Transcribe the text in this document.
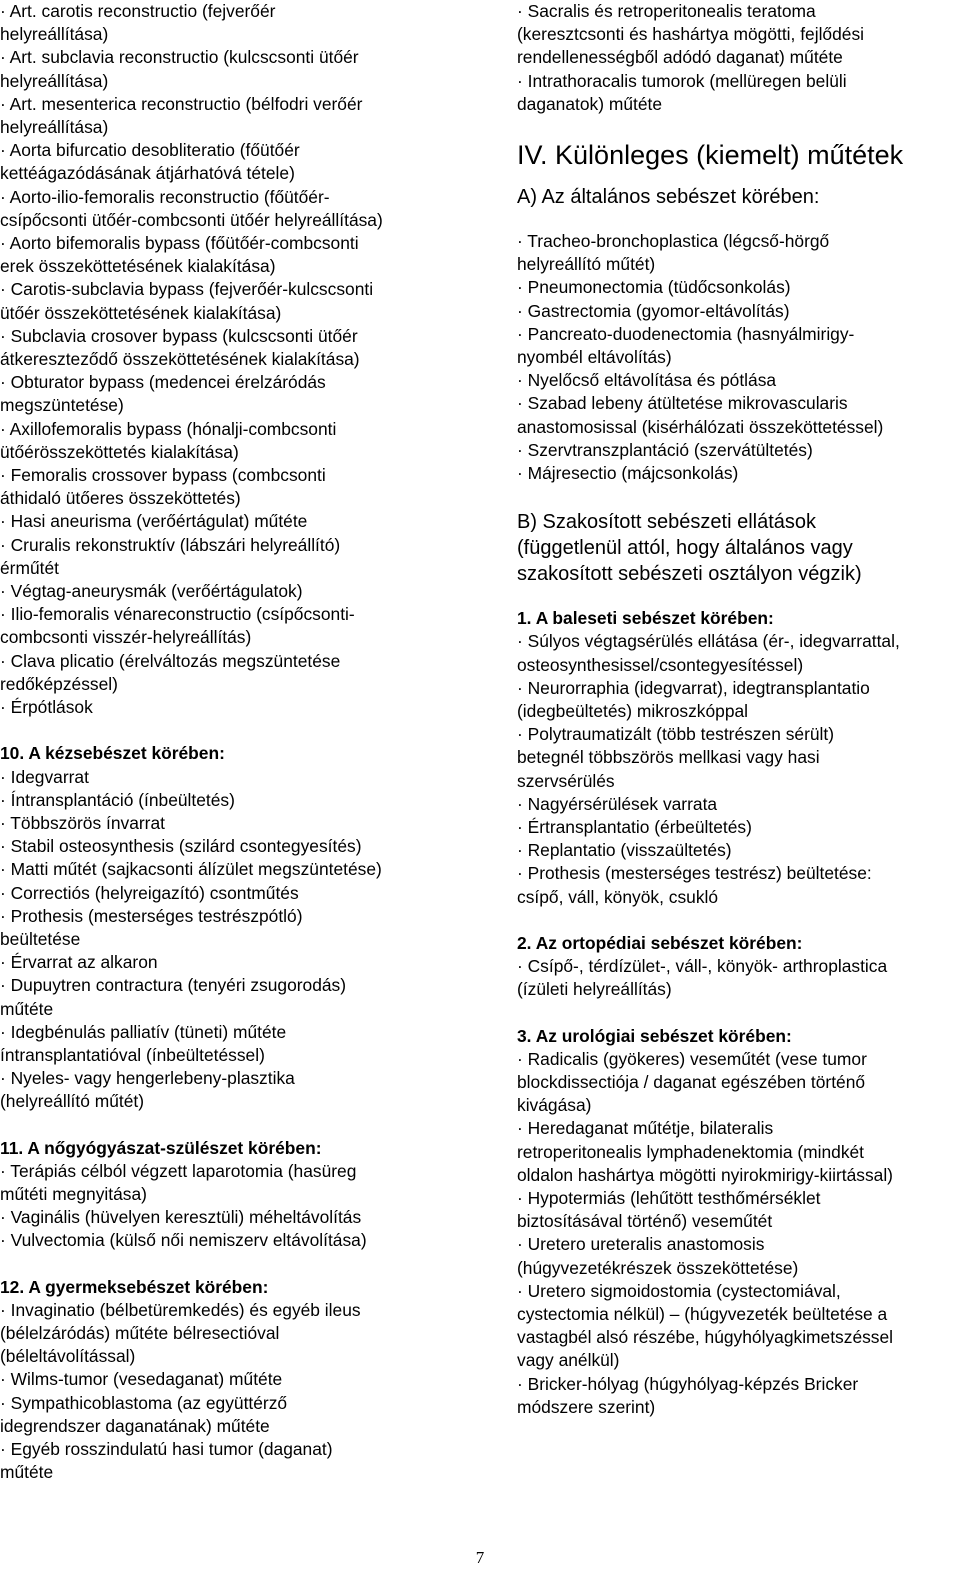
· Art. carotis reconstructio (fejverőér

helyreállítása)

· Art. subclavia reconstructio (kulcscsonti ütőér

helyreállítása)

· Art. mesenterica reconstructio (bélfodri verőér

helyreállítása)

· Aorta bifurcatio desobliteratio (főütőér

kettéágazódásának átjárhatóvá tétele)

· Aorto-ilio-femoralis reconstructio (főütőér-

csípőcsonti ütőér-combcsonti ütőér helyreállítása)

· Aorto bifemoralis bypass (főütőér-combcsonti

erek összeköttetésének kialakítása)

· Carotis-subclavia bypass (fejverőér-kulcscsonti

ütőér összeköttetésének kialakítása)

· Subclavia crosover bypass (kulcscsonti ütőér

átkereszteződő összeköttetésének kialakítása)

· Obturator bypass (medencei érelzáródás

megszüntetése)

· Axillofemoralis bypass (hónalji-combcsonti

ütőérösszeköttetés kialakítása)

· Femoralis crossover bypass (combcsonti

áthidaló ütőeres összeköttetés)

· Hasi aneurisma (verőértágulat) műtéte

· Cruralis rekonstruktív (lábszári helyreállító)

érműtét

· Végtag-aneurysmák (verőértágulatok)

· Ilio-femoralis vénareconstructio (csípőcsonti-

combcsonti visszér-helyreállítás)

· Clava plicatio (érelváltozás megszüntetése

redőképzéssel)

· Érpótlások

10. A kézsebészet körében:

· Idegvarrat

· Íntransplantáció (ínbeültetés)

· Többszörös ínvarrat

· Stabil osteosynthesis (szilárd csontegyesítés)

· Matti műtét (sajkacsonti álízület megszüntetése)

· Correctiós (helyreigazító) csontműtés

· Prothesis (mesterséges testrészpótló)

beültetése

· Érvarrat az alkaron

· Dupuytren contractura (tenyéri zsugorodás)

műtéte

· Idegbénulás palliatív (tüneti) műtéte

íntransplantatióval (ínbeültetéssel)

· Nyeles- vagy hengerlebeny-plasztika

(helyreállító műtét)

11. A nőgyógyászat-szülészet körében:

· Terápiás célból végzett laparotomia (hasüreg

műtéti megnyitása)

· Vaginális (hüvelyen keresztüli) méheltávolítás

· Vulvectomia (külső női nemiszerv eltávolítása)

12. A gyermeksebészet körében:

· Invaginatio (bélbetüremkedés) és egyéb ileus

(bélelzáródás) műtéte bélresectióval

(béleltávolítással)

· Wilms-tumor (vesedaganat) műtéte

· Sympathicoblastoma (az együttérző

idegrendszer daganatának) műtéte

· Egyéb rosszindulatú hasi tumor (daganat)

műtéte

· Sacralis és retroperitonealis teratoma

(keresztcsonti és hashártya mögötti, fejlődési

rendellenességből adódó daganat) műtéte

· Intrathoracalis tumorok (mellüregen belüli

daganatok) műtéte

IV. Különleges (kiemelt) műtétek

A) Az általános sebészet körében:

· Tracheo-bronchoplastica (légcső-hörgő

helyreállító műtét)

· Pneumonectomia (tüdőcsonkolás)

· Gastrectomia (gyomor-eltávolítás)

· Pancreato-duodenectomia (hasnyálmirigy-

nyombél eltávolítás)

· Nyelőcső eltávolítása és pótlása

· Szabad lebeny átültetése mikrovascularis

anastomosissal (kisérhálózati összeköttetéssel)

· Szervtranszplantáció (szervátültetés)

· Májresectio (májcsonkolás)

B) Szakosított sebészeti ellátások

(függetlenül attól, hogy általános vagy

szakosított sebészeti osztályon végzik)

1. A baleseti sebészet körében:

· Súlyos végtagsérülés ellátása (ér-, idegvarrattal,

osteosynthesissel/csontegyesítéssel)

· Neurorraphia (idegvarrat), idegtransplantatio

(idegbeültetés) mikroszkóppal

· Polytraumatizált (több testrészen sérült)

betegnél többszörös mellkasi vagy hasi

szervsérülés

· Nagyérsérülések varrata

· Értransplantatio (érbeültetés)

· Replantatio (visszaültetés)

· Prothesis (mesterséges testrész) beültetése:

csípő, váll, könyök, csukló

2. Az ortopédiai sebészet körében:

· Csípő-, térdízület-, váll-, könyök- arthroplastica

(ízületi helyreállítás)

3. Az urológiai sebészet körében:

· Radicalis (gyökeres) veseműtét (vese tumor

blockdissectiója / daganat egészében történő

kivágása)

· Heredaganat műtétje, bilateralis

retroperitonealis lymphadenektomia (mindkét

oldalon hashártya mögötti nyirokmirigy-kiirtással)

· Hypotermiás (lehűtött testhőmérséklet

biztosításával történő) veseműtét

· Uretero ureteralis anastomosis

(húgyvezetékrészek összeköttetése)

· Uretero sigmoidostomia (cystectomiával,

cystectomia nélkül) – (húgyvezeték beültetése a

vastagbél alsó részébe, húgyhólyagkimetszéssel

vagy anélkül)

· Bricker-hólyag (húgyhólyag-képzés Bricker

módszere szerint)

7
